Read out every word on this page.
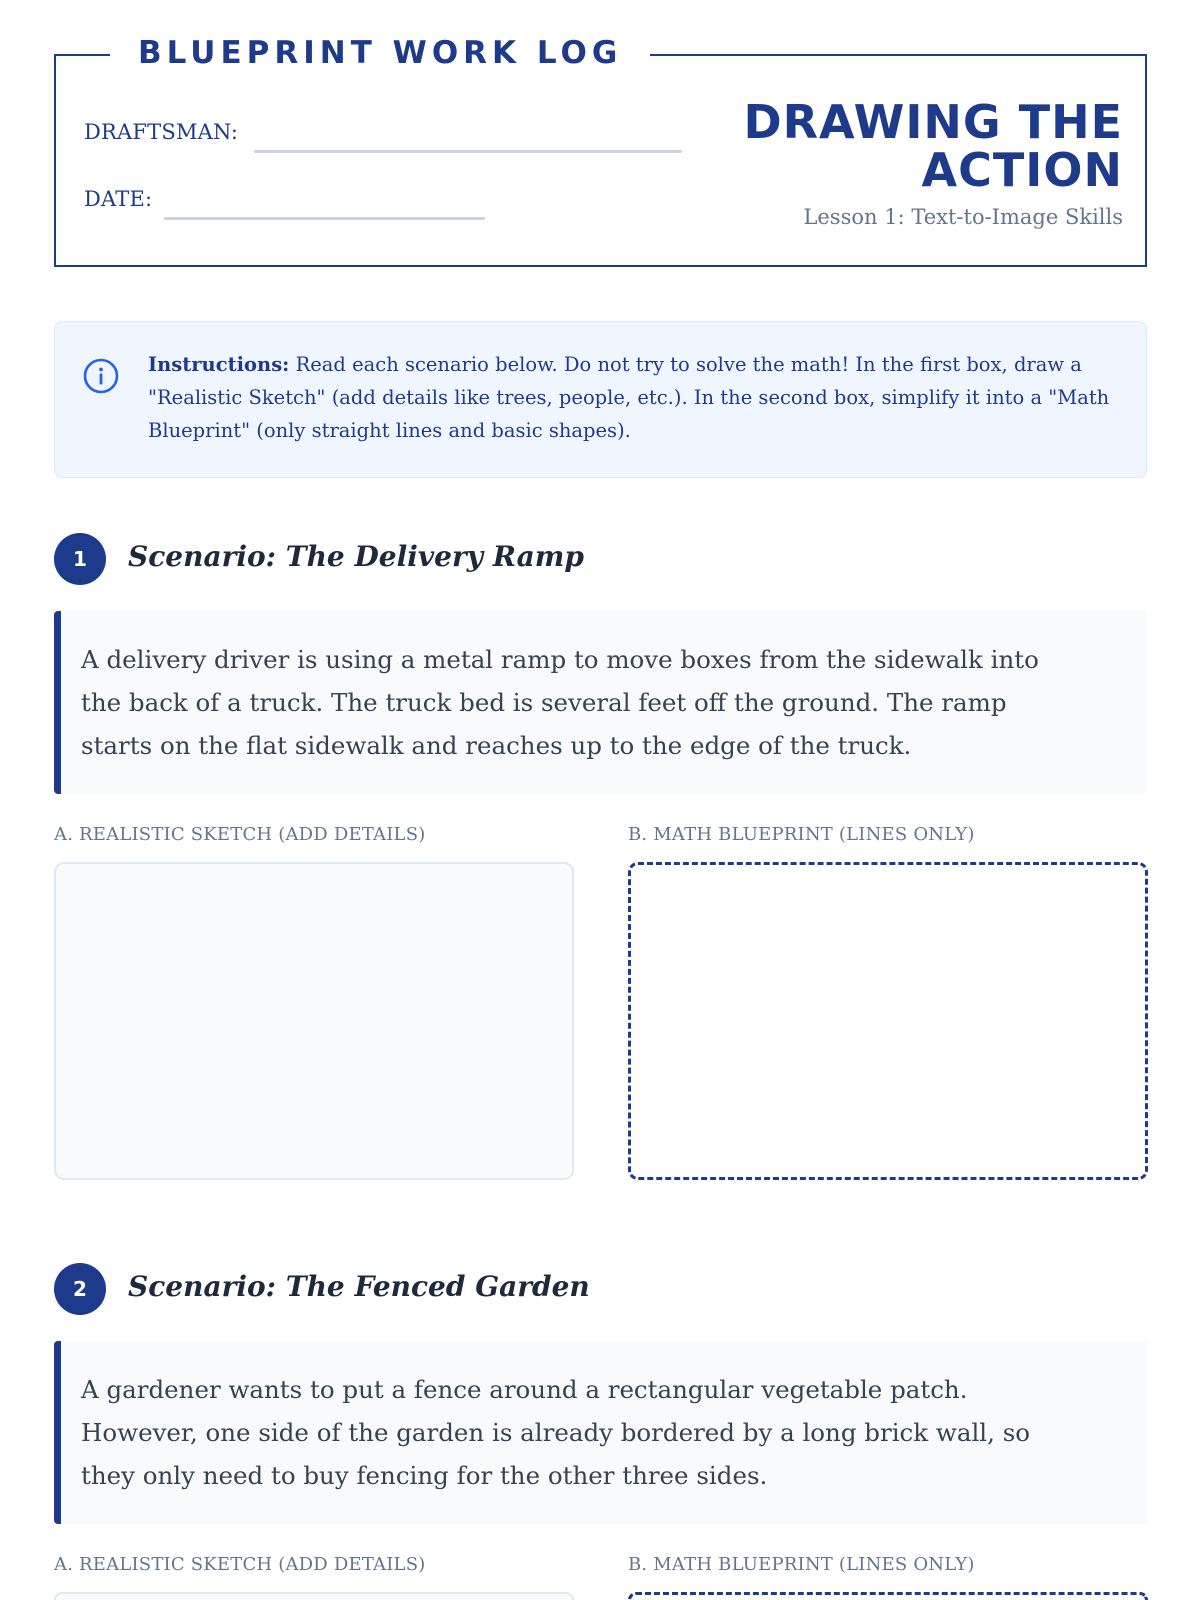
BLUEPRINT WORK LOG
DRAFTSMAN:
DATE:
DRAWING THE ACTION
Lesson 1: Text-to-Image Skills
Instructions: Read each scenario below. Do not try to solve the math! In the first box, draw a "Realistic Sketch" (add details like trees, people, etc.). In the second box, simplify it into a "Math Blueprint" (only straight lines and basic shapes).
1	Scenario: The Delivery Ramp
A delivery driver is using a metal ramp to move boxes from the sidewalk into the back of a truck. The truck bed is several feet off the ground. The ramp starts on the flat sidewalk and reaches up to the edge of the truck.
A. REALISTIC SKETCH (ADD DETAILS)	B. MATH BLUEPRINT (LINES ONLY)
2	Scenario: The Fenced Garden
A gardener wants to put a fence around a rectangular vegetable patch. However, one side of the garden is already bordered by a long brick wall, so they only need to buy fencing for the other three sides.
A. REALISTIC SKETCH (ADD DETAILS)	B. MATH BLUEPRINT (LINES ONLY)
